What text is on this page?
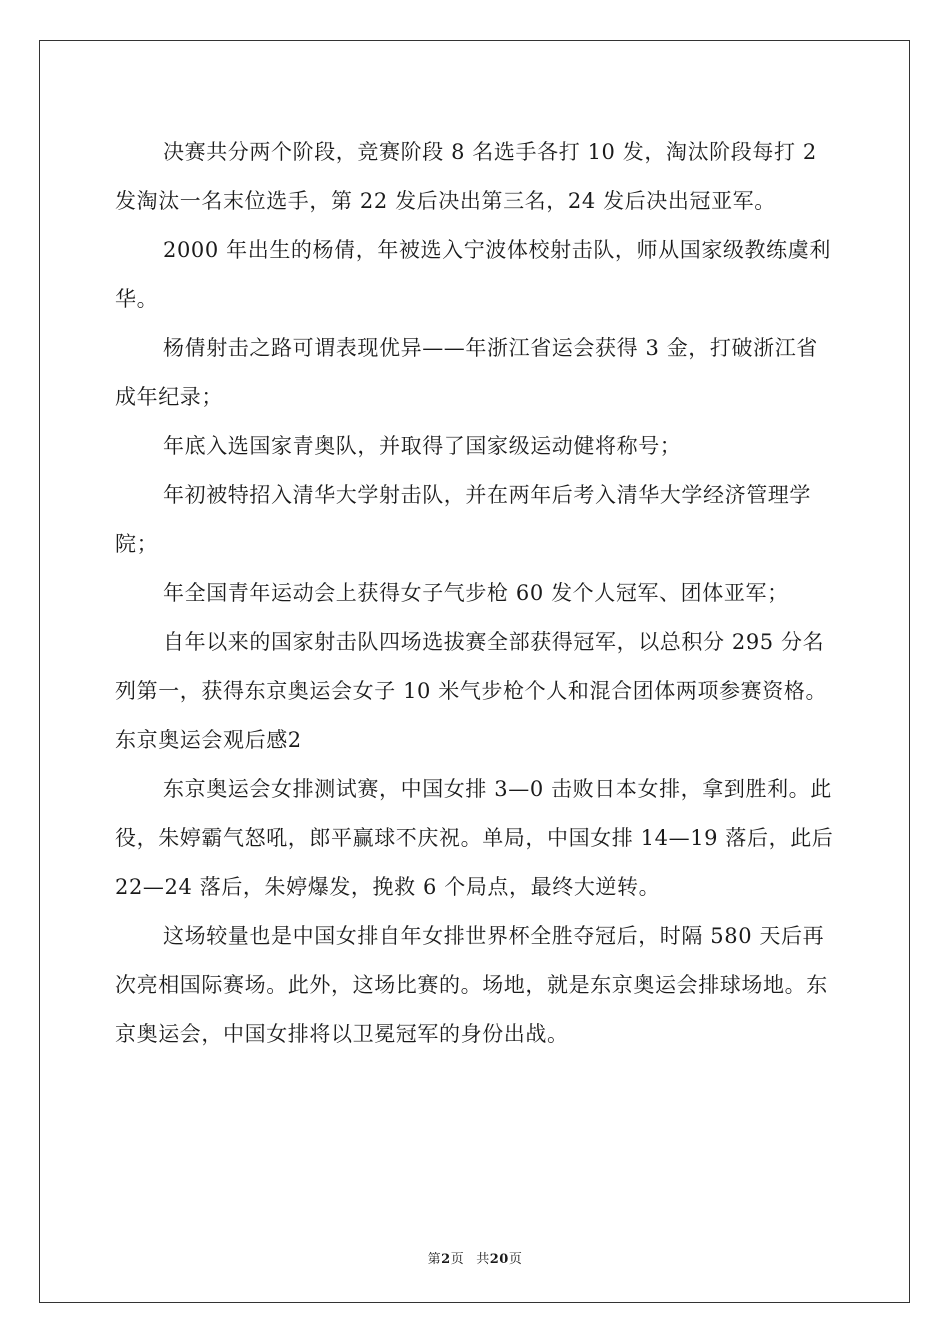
决赛共分两个阶段，竞赛阶段 8 名选手各打 10 发，淘汰阶段每打 2 发淘汰一名末位选手，第 22 发后决出第三名，24 发后决出冠亚军。

2000 年出生的杨倩，年被选入宁波体校射击队，师从国家级教练虞利华。

杨倩射击之路可谓表现优异——年浙江省运会获得 3 金，打破浙江省成年纪录；

年底入选国家青奥队，并取得了国家级运动健将称号；

年初被特招入清华大学射击队，并在两年后考入清华大学经济管理学院；

年全国青年运动会上获得女子气步枪 60 发个人冠军、团体亚军；

自年以来的国家射击队四场选拔赛全部获得冠军，以总积分 295 分名列第一，获得东京奥运会女子 10 米气步枪个人和混合团体两项参赛资格。

东京奥运会观后感2

东京奥运会女排测试赛，中国女排 3—0 击败日本女排，拿到胜利。此役，朱婷霸气怒吼，郎平赢球不庆祝。单局，中国女排 14—19 落后，此后 22—24 落后，朱婷爆发，挽救 6 个局点，最终大逆转。

这场较量也是中国女排自年女排世界杯全胜夺冠后，时隔 580 天后再次亮相国际赛场。此外，这场比赛的。场地，就是东京奥运会排球场地。东京奥运会，中国女排将以卫冕冠军的身份出战。

第2页 共20页
